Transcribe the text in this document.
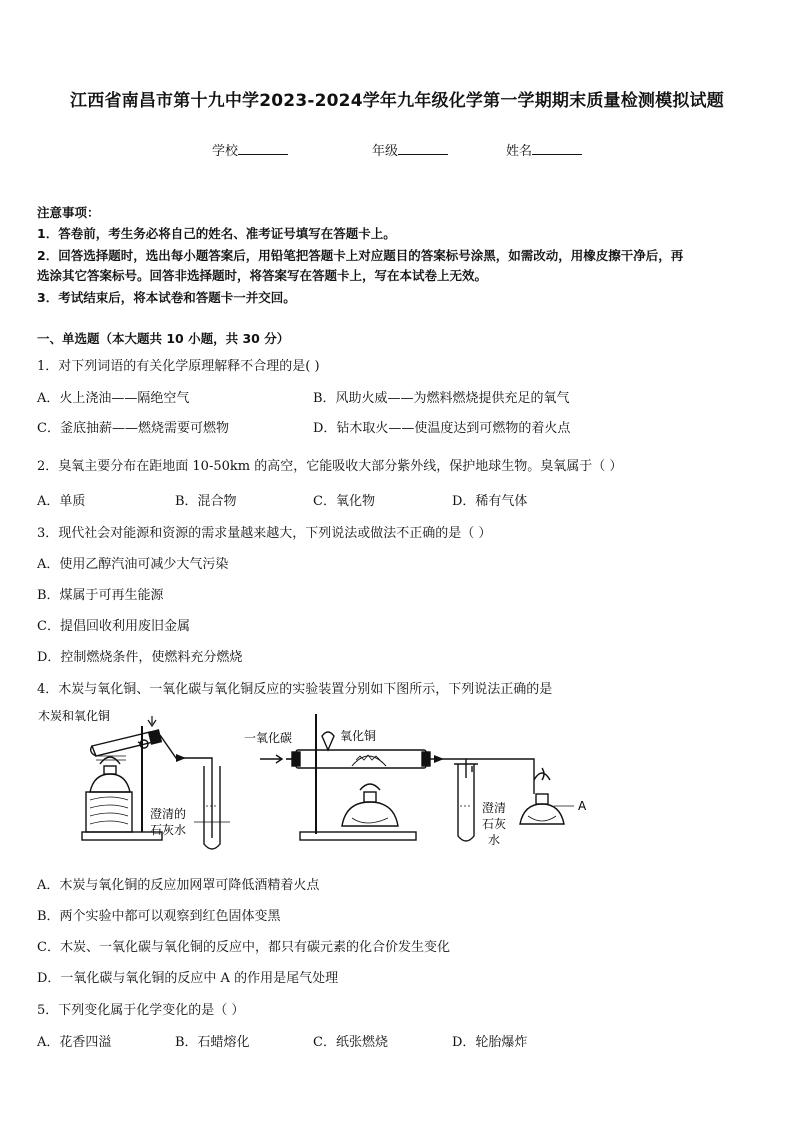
江西省南昌市第十九中学2023-2024学年九年级化学第一学期期末质量检测模拟试题
学校	年级	姓名
注意事项：
1．答卷前，考生务必将自己的姓名、准考证号填写在答题卡上。
2．回答选择题时，选出每小题答案后，用铅笔把答题卡上对应题目的答案标号涂黑，如需改动，用橡皮擦干净后，再
选涂其它答案标号。回答非选择题时，将答案写在答题卡上，写在本试卷上无效。
3．考试结束后，将本试卷和答题卡一并交回。
一、单选题（本大题共 10 小题，共 30 分）
1．对下列词语的有关化学原理解释不合理的是( )
A．火上浇油——隔绝空气	B．风助火威——为燃料燃烧提供充足的氧气
C．釜底抽薪——燃烧需要可燃物	D．钻木取火——使温度达到可燃物的着火点
2．臭氧主要分布在距地面 10-50km 的高空，它能吸收大部分紫外线，保护地球生物。臭氧属于（ ）
A．单质	B．混合物	C．氧化物	D．稀有气体
3．现代社会对能源和资源的需求量越来越大，下列说法或做法不正确的是（ ）
A．使用乙醇汽油可减少大气污染
B．煤属于可再生能源
C．提倡回收利用废旧金属
D．控制燃烧条件，使燃料充分燃烧
4．木炭与氧化铜、一氧化碳与氧化铜反应的实验装置分别如下图所示，下列说法正确的是
木炭和氧化铜
澄清的
石灰水
一氧化碳	氧化铜
澄清
石灰
水
A
A．木炭与氧化铜的反应加网罩可降低酒精着火点
B．两个实验中都可以观察到红色固体变黑
C．木炭、一氧化碳与氧化铜的反应中，都只有碳元素的化合价发生变化
D．一氧化碳与氧化铜的反应中 A 的作用是尾气处理
5．下列变化属于化学变化的是（ ）
A．花香四溢	B．石蜡熔化	C．纸张燃烧	D．轮胎爆炸
